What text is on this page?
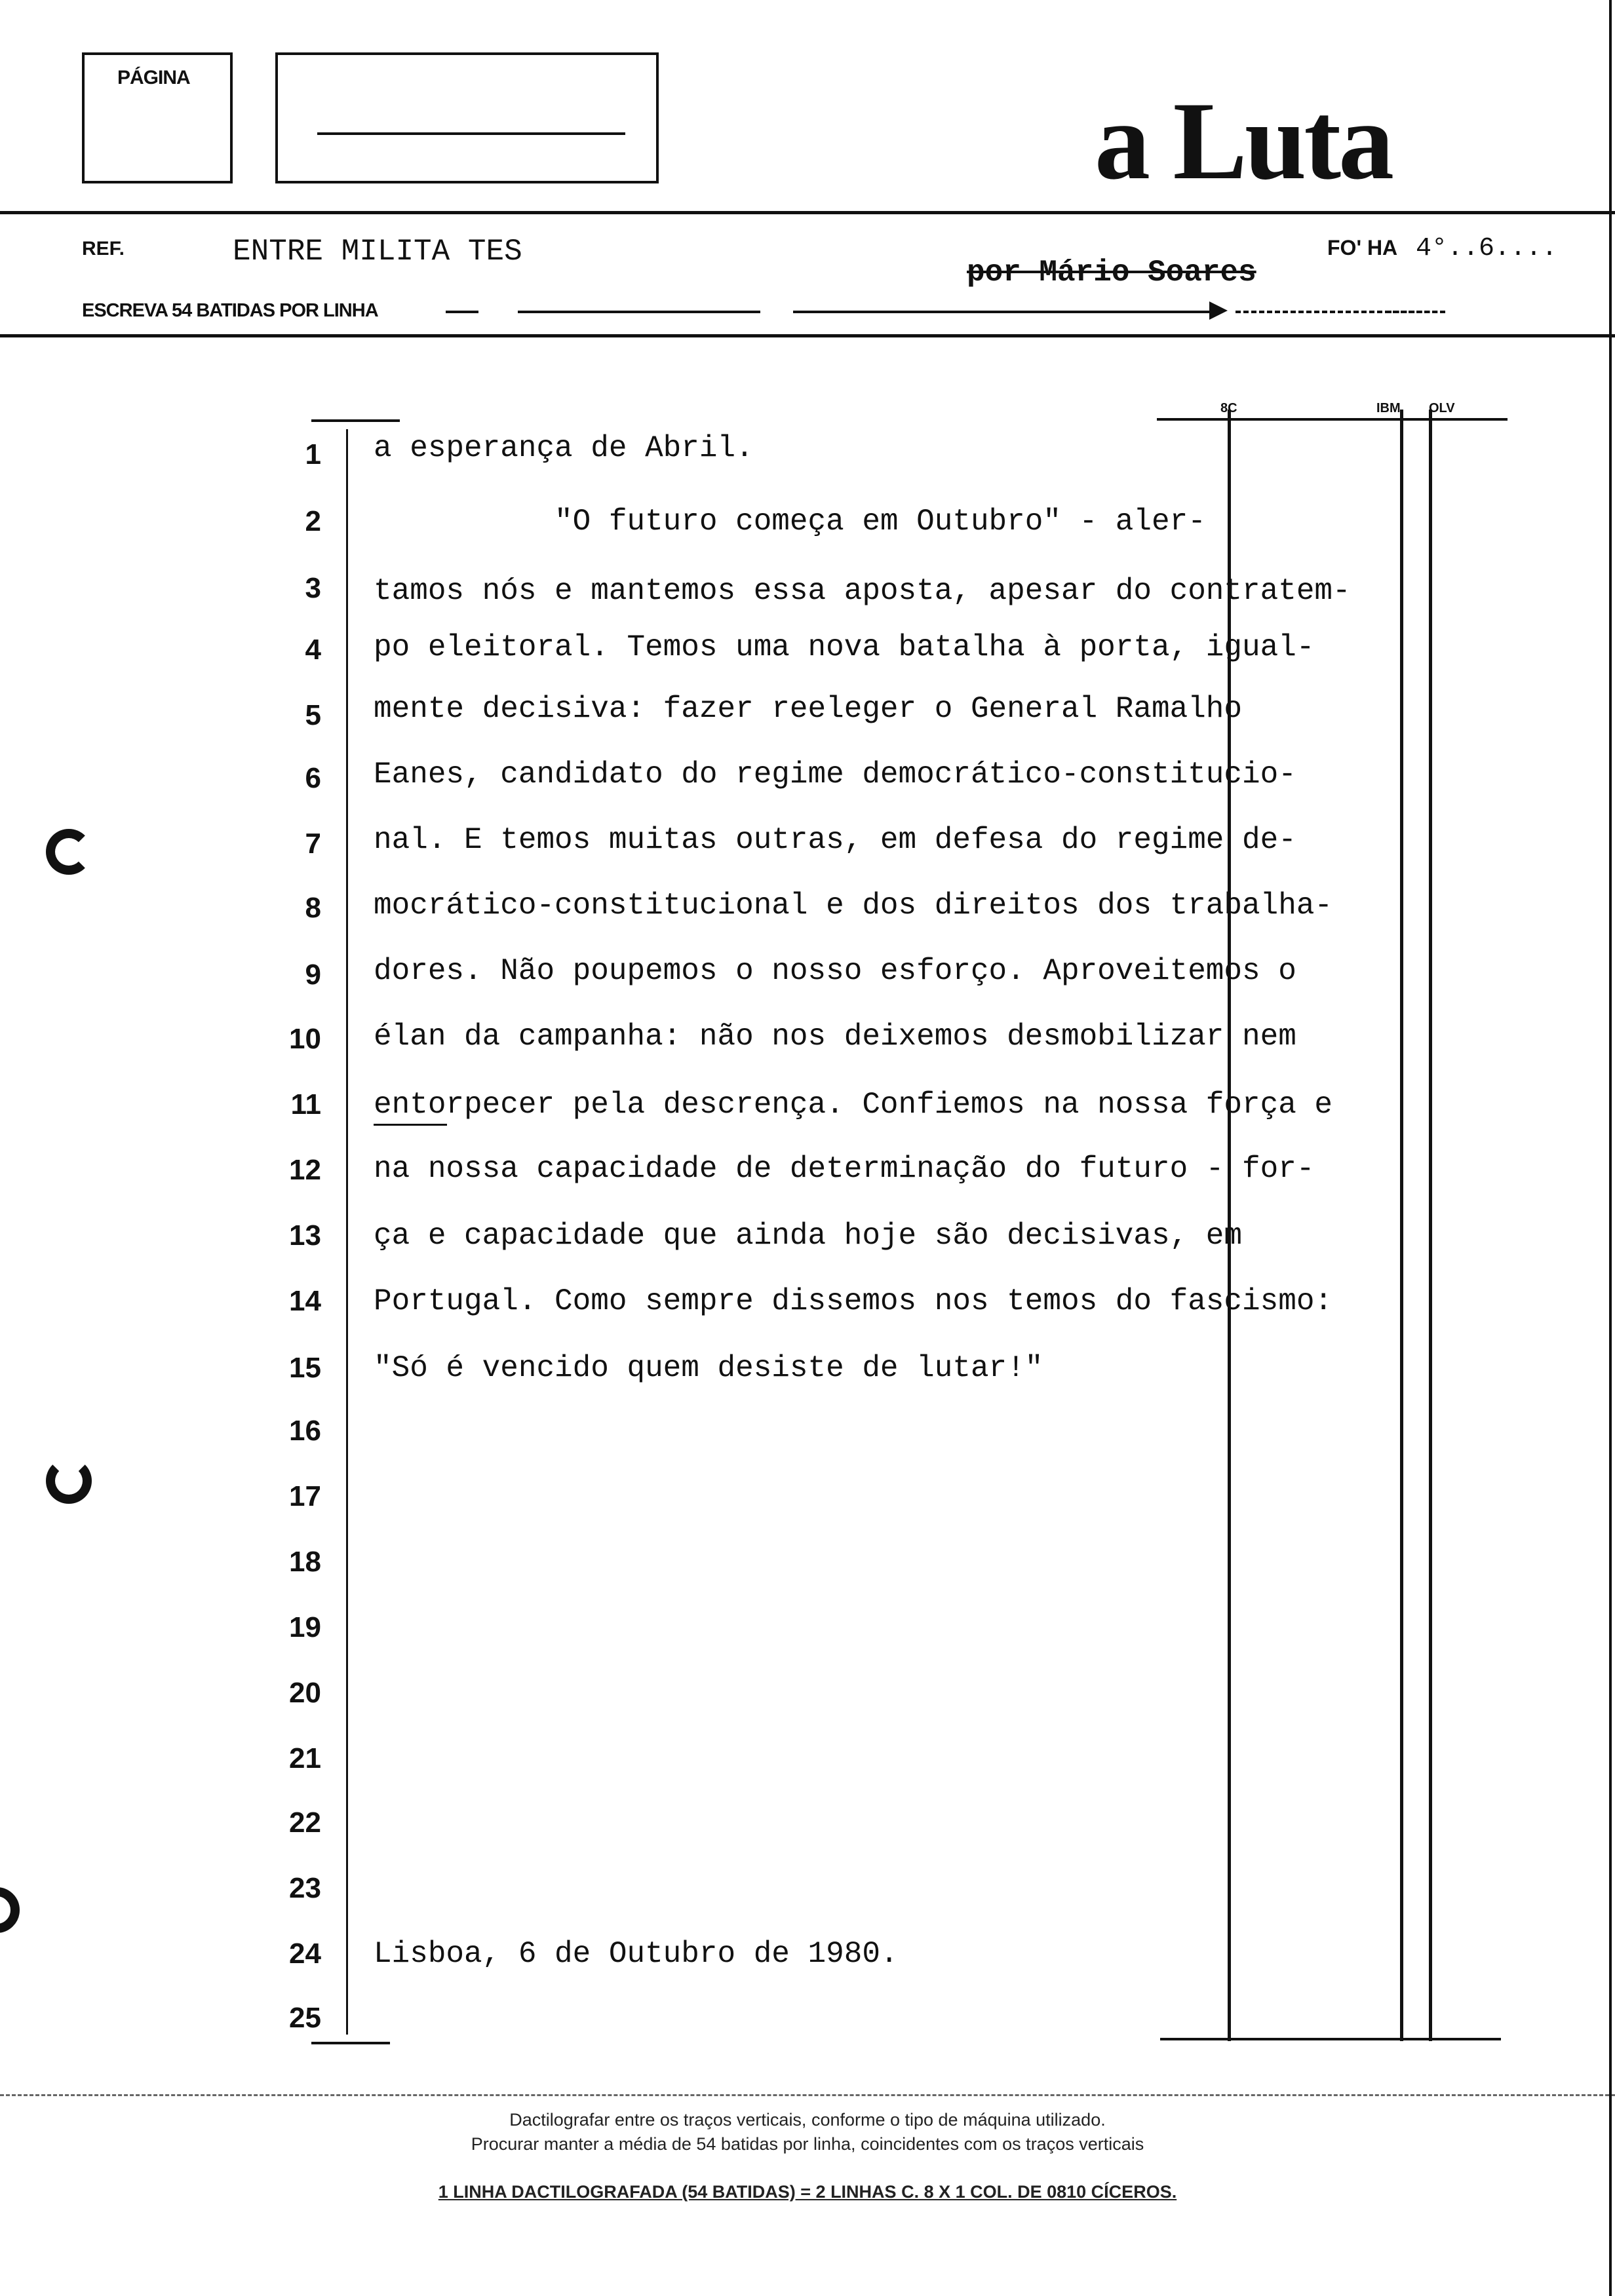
PÁGINA
a Luta
REF.	ENTRE MILITA TES	FO' HA 4°..6....
por Mário Soares
ESCREVA 54 BATIDAS POR LINHA
8C	IBM OLV
1 a esperança de Abril.
2 "O futuro começa em Outubro" - aler-
3 tamos nós e mantemos essa aposta, apesar do contratem-
4 po eleitoral. Temos uma nova batalha à porta, igual-
5 mente decisiva: fazer reeleger o General Ramalho
6 Eanes, candidato do regime democrático-constitucio-
7 nal. E temos muitas outras, em defesa do regime de-
8 mocrático-constitucional e dos direitos dos trabalha-
9 dores. Não poupemos o nosso esforço. Aproveitemos o
10 élan da campanha: não nos deixemos desmobilizar nem
11 entorpecer pela descrença. Confiemos na nossa força e
12 na nossa capacidade de determinação do futuro - for-
13 ça e capacidade que ainda hoje são decisivas, em
14 Portugal. Como sempre dissemos nos temos do fascismo:
15 "Só é vencido quem desiste de lutar!"
16
17
18
19
20
21
22
23
24 Lisboa, 6 de Outubro de 1980.
25
Dactilografar entre os traços verticais, conforme o tipo de máquina utilizado.
Procurar manter a média de 54 batidas por linha, coincidentes com os traços verticais
1 LINHA DACTILOGRAFADA (54 BATIDAS) = 2 LINHAS C. 8 X 1 COL. DE 0810 CÍCEROS.
